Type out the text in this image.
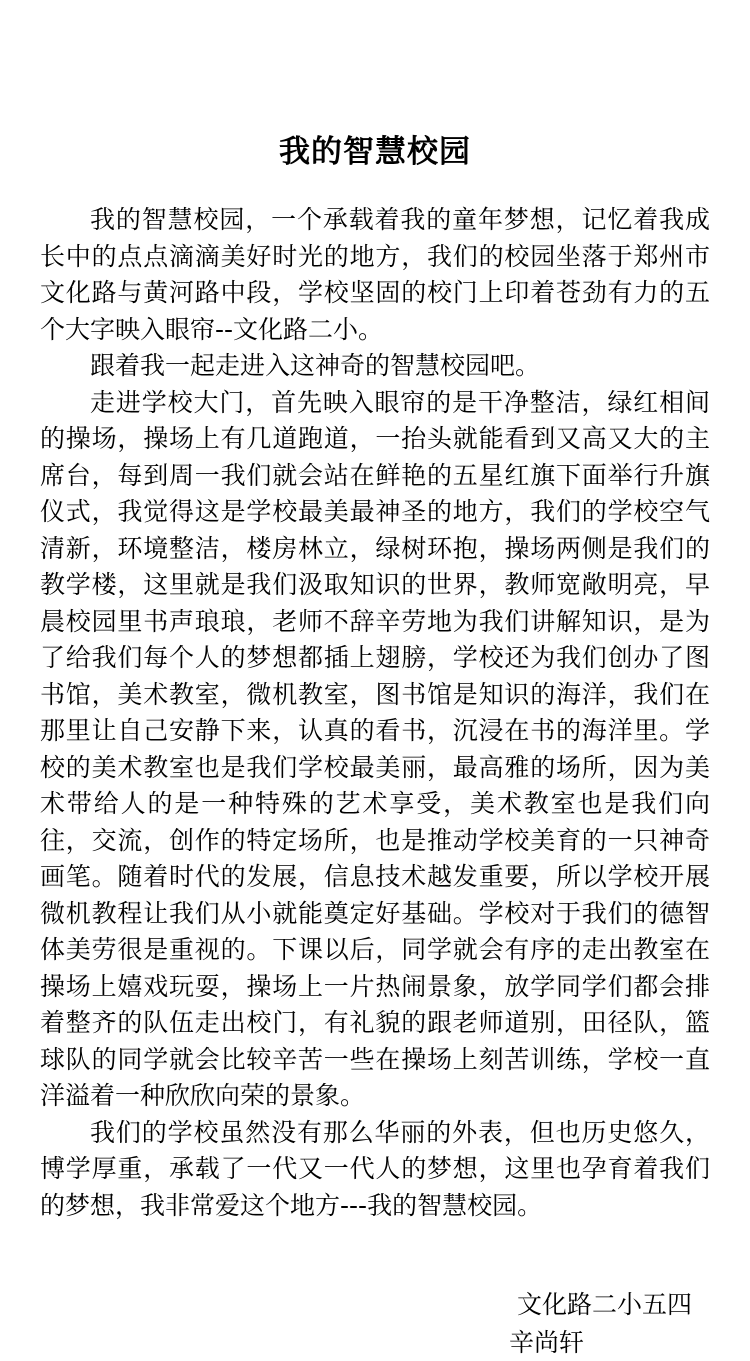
我的智慧校园

我的智慧校园，一个承载着我的童年梦想，记忆着我成长中的点点滴滴美好时光的地方，我们的校园坐落于郑州市文化路与黄河路中段，学校坚固的校门上印着苍劲有力的五个大字映入眼帘--文化路二小。

跟着我一起走进入这神奇的智慧校园吧。

走进学校大门，首先映入眼帘的是干净整洁，绿红相间的操场，操场上有几道跑道，一抬头就能看到又高又大的主席台，每到周一我们就会站在鲜艳的五星红旗下面举行升旗仪式，我觉得这是学校最美最神圣的地方，我们的学校空气清新，环境整洁，楼房林立，绿树环抱，操场两侧是我们的教学楼，这里就是我们汲取知识的世界，教师宽敞明亮，早晨校园里书声琅琅，老师不辞辛劳地为我们讲解知识，是为了给我们每个人的梦想都插上翅膀，学校还为我们创办了图书馆，美术教室，微机教室，图书馆是知识的海洋，我们在那里让自己安静下来，认真的看书，沉浸在书的海洋里。学校的美术教室也是我们学校最美丽，最高雅的场所，因为美术带给人的是一种特殊的艺术享受，美术教室也是我们向往，交流，创作的特定场所，也是推动学校美育的一只神奇画笔。随着时代的发展，信息技术越发重要，所以学校开展微机教程让我们从小就能奠定好基础。学校对于我们的德智体美劳很是重视的。下课以后，同学就会有序的走出教室在操场上嬉戏玩耍，操场上一片热闹景象，放学同学们都会排着整齐的队伍走出校门，有礼貌的跟老师道别，田径队，篮球队的同学就会比较辛苦一些在操场上刻苦训练，学校一直洋溢着一种欣欣向荣的景象。

我们的学校虽然没有那么华丽的外表，但也历史悠久，博学厚重，承载了一代又一代人的梦想，这里也孕育着我们的梦想，我非常爱这个地方---我的智慧校园。

文化路二小五四
辛尚轩
